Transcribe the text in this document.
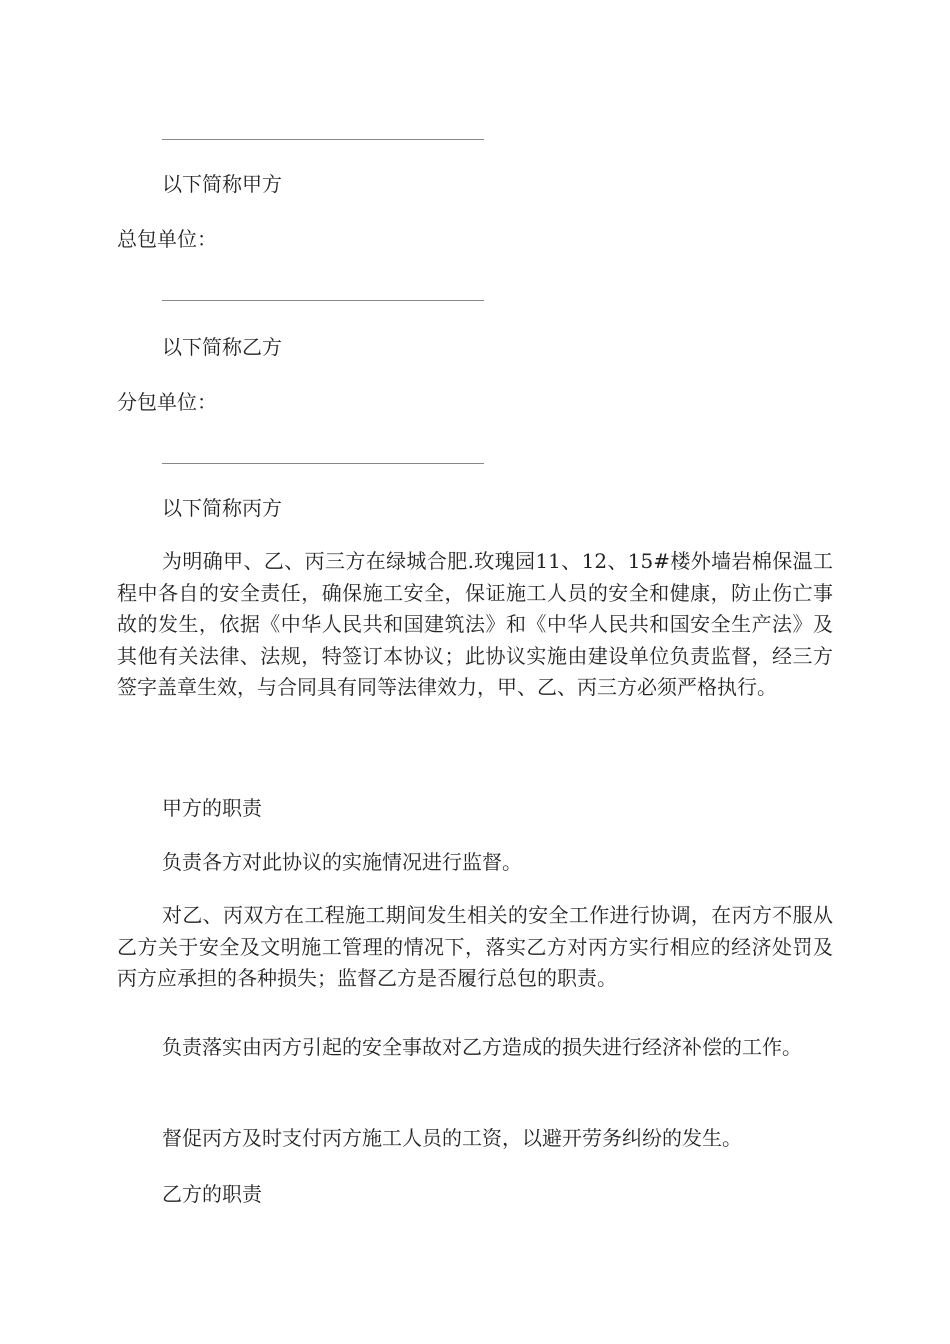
以下简称甲方
总包单位：
以下简称乙方
分包单位：
以下简称丙方
为明确甲、乙、丙三方在绿城合肥.玫瑰园11、12、15#楼外墙岩棉保温工程中各自的安全责任，确保施工安全，保证施工人员的安全和健康，防止伤亡事故的发生，依据《中华人民共和国建筑法》和《中华人民共和国安全生产法》及其他有关法律、法规，特签订本协议；此协议实施由建设单位负责监督，经三方签字盖章生效，与合同具有同等法律效力，甲、乙、丙三方必须严格执行。
甲方的职责
负责各方对此协议的实施情况进行监督。
对乙、丙双方在工程施工期间发生相关的安全工作进行协调，在丙方不服从乙方关于安全及文明施工管理的情况下，落实乙方对丙方实行相应的经济处罚及丙方应承担的各种损失；监督乙方是否履行总包的职责。
负责落实由丙方引起的安全事故对乙方造成的损失进行经济补偿的工作。
督促丙方及时支付丙方施工人员的工资，以避开劳务纠纷的发生。
乙方的职责
